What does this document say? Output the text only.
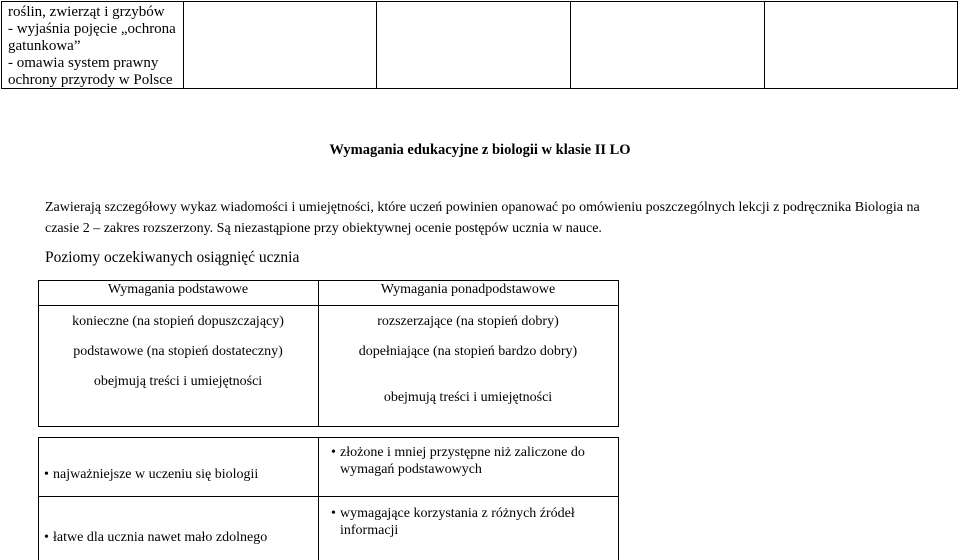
roślin, zwierząt i grzybów
- wyjaśnia pojęcie „ochrona
gatunkowa”
- omawia system prawny
ochrony przyrody w Polsce
Wymagania edukacyjne z biologii w klasie II LO
Zawierają szczegółowy wykaz wiadomości i umiejętności, które uczeń powinien opanować po omówieniu poszczególnych lekcji z podręcznika Biologia na
czasie 2 – zakres rozszerzony. Są niezastąpione przy obiektywnej ocenie postępów ucznia w nauce.
Poziomy oczekiwanych osiągnięć ucznia
Wymagania podstawowe	Wymagania ponadpodstawowe
konieczne (na stopień dopuszczający)
podstawowe (na stopień dostateczny)
obejmują treści i umiejętności
rozszerzające (na stopień dobry)
dopełniające (na stopień bardzo dobry)
obejmują treści i umiejętności
• najważniejsze w uczeniu się biologii
• łatwe dla ucznia nawet mało zdolnego
• złożone i mniej przystępne niż zaliczone do wymagań podstawowych
• wymagające korzystania z różnych źródeł informacji
